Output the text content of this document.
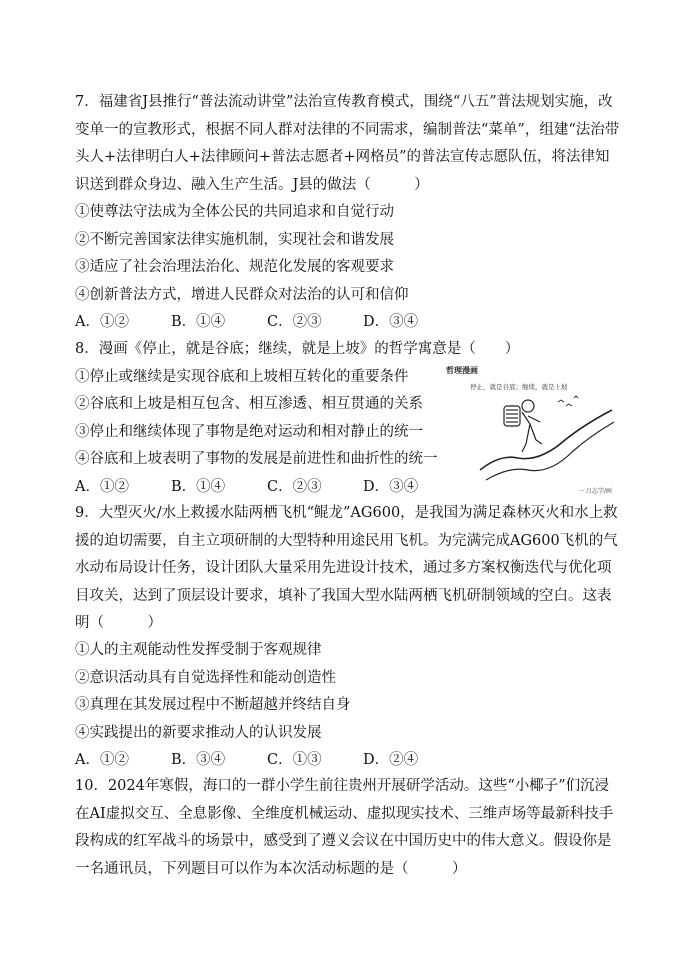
7．福建省J县推行“普法流动讲堂”法治宣传教育模式，围绕“八五”普法规划实施，改变单一的宣教形式，根据不同人群对法律的不同需求，编制普法“菜单”，组建“法治带头人+法律明白人+法律顾问+普法志愿者+网格员”的普法宣传志愿队伍，将法律知识送到群众身边、融入生产生活。J县的做法（　　　）
①使尊法守法成为全体公民的共同追求和自觉行动
②不断完善国家法律实施机制，实现社会和谐发展
③适应了社会治理法治化、规范化发展的客观要求
④创新普法方式，增进人民群众对法治的认可和信仰
A．①②	B．①④	C．②③	D．③④
8．漫画《停止，就是谷底；继续，就是上坡》的哲学寓意是（　　）
①停止或继续是实现谷底和上坡相互转化的重要条件
②谷底和上坡是相互包含、相互渗透、相互贯通的关系
③停止和继续体现了事物是绝对运动和相对静止的统一
④谷底和上坡表明了事物的发展是前进性和曲折性的统一
A．①②	B．①④	C．②③	D．③④
哲理漫画
停止，就是谷底；继续，就是上坡
一 吕志学/画
9．大型灭火/水上救援水陆两栖飞机“鲲龙”AG600，是我国为满足森林灭火和水上救援的迫切需要，自主立项研制的大型特种用途民用飞机。为完满完成AG600飞机的气水动布局设计任务，设计团队大量采用先进设计技术，通过多方案权衡迭代与优化项目攻关，达到了顶层设计要求，填补了我国大型水陆两栖飞机研制领域的空白。这表明（　　　）
①人的主观能动性发挥受制于客观规律
②意识活动具有自觉选择性和能动创造性
③真理在其发展过程中不断超越并终结自身
④实践提出的新要求推动人的认识发展
A．①②	B．③④	C．①③	D．②④
10．2024年寒假，海口的一群小学生前往贵州开展研学活动。这些“小椰子”们沉浸在AI虚拟交互、全息影像、全维度机械运动、虚拟现实技术、三维声场等最新科技手段构成的红军战斗的场景中，感受到了遵义会议在中国历史中的伟大意义。假设你是一名通讯员，下列题目可以作为本次活动标题的是（　　　）
